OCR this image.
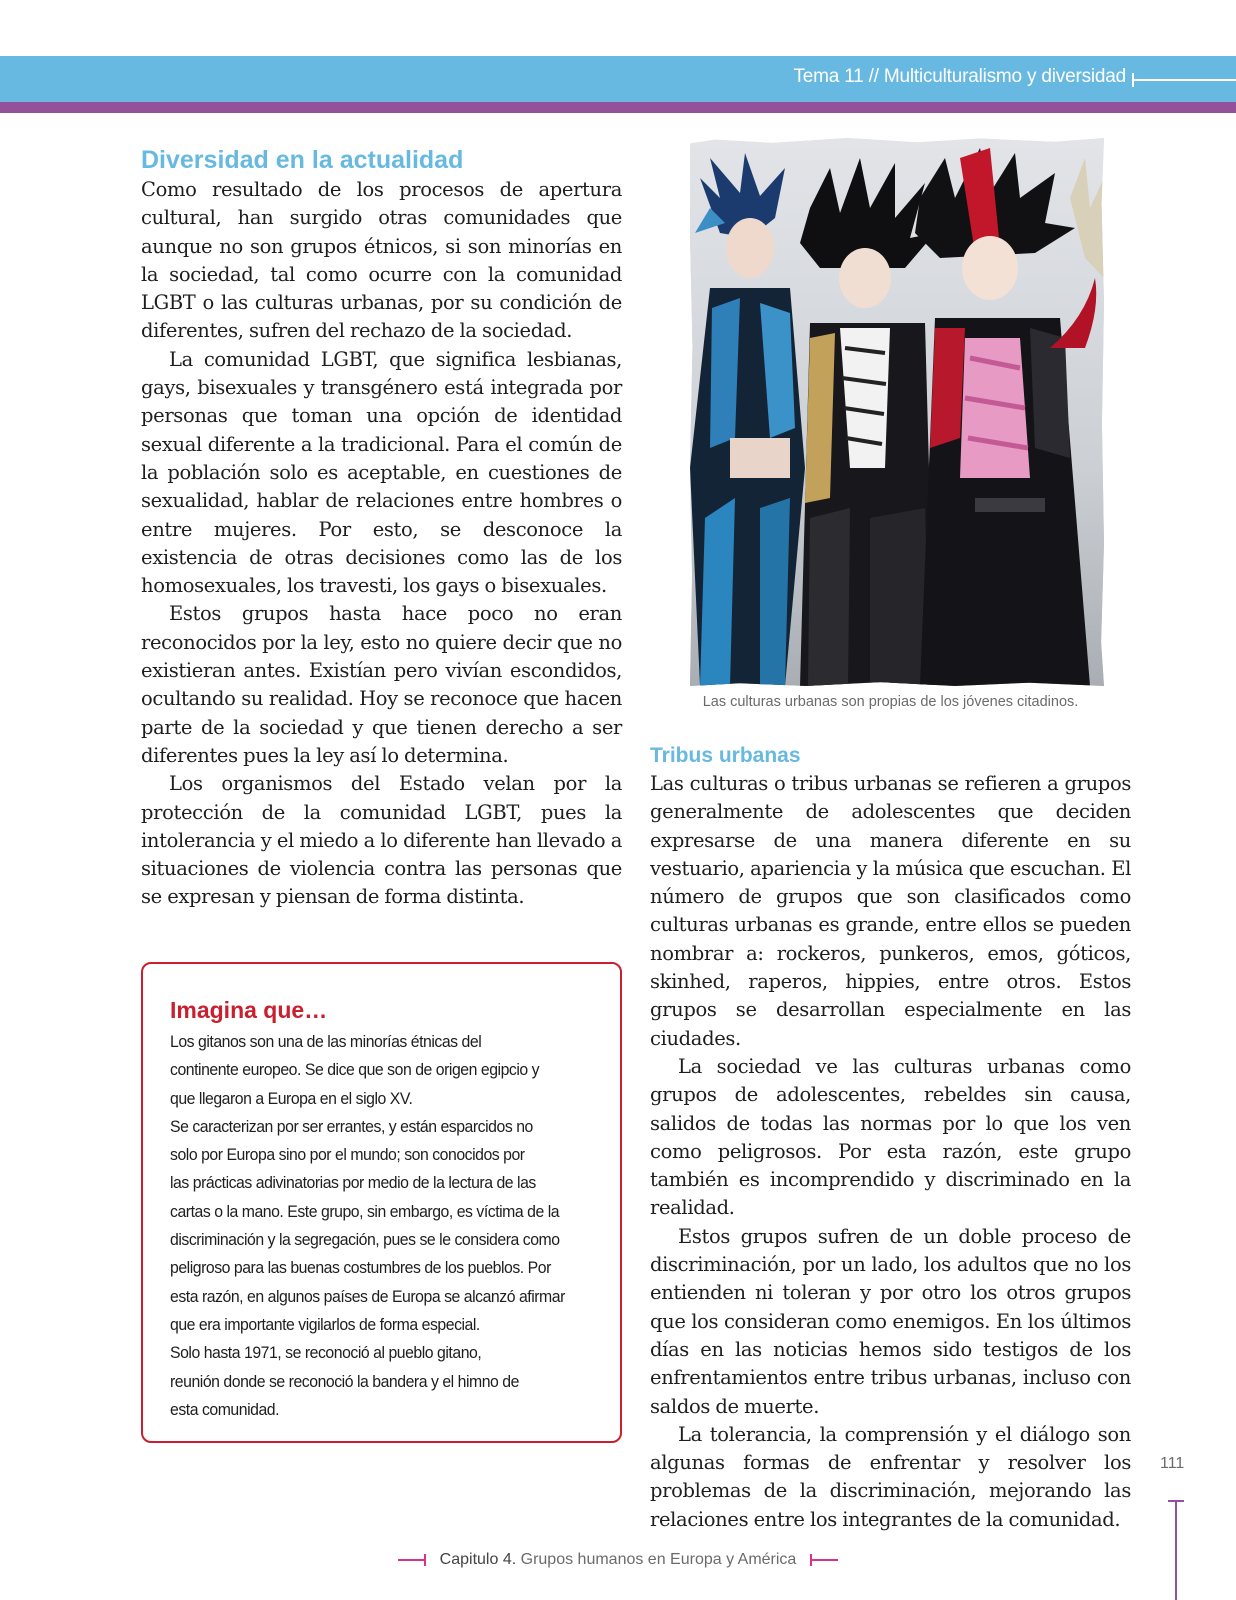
Tema 11 // Multiculturalismo y diversidad
Diversidad en la actualidad

Como resultado de los procesos de apertura cultural, han surgido otras comunidades que aunque no son grupos étnicos, si son minorías en la sociedad, tal como ocurre con la comunidad LGBT o las culturas urbanas, por su condición de diferentes, sufren del rechazo de la sociedad.

La comunidad LGBT, que significa lesbianas, gays, bisexuales y transgénero está integrada por personas que toman una opción de identidad sexual diferente a la tradicional. Para el común de la población solo es aceptable, en cuestiones de sexualidad, hablar de relaciones entre hombres o entre mujeres. Por esto, se desconoce la existencia de otras decisiones como las de los homosexuales, los travesti, los gays o bisexuales.

Estos grupos hasta hace poco no eran reconocidos por la ley, esto no quiere decir que no existieran antes. Existían pero vivían escondidos, ocultando su realidad. Hoy se reconoce que hacen parte de la sociedad y que tienen derecho a ser diferentes pues la ley así lo determina.

Los organismos del Estado velan por la protección de la comunidad LGBT, pues la intolerancia y el miedo a lo diferente han llevado a situaciones de violencia contra las personas que se expresan y piensan de forma distinta.

Imagina que…
Los gitanos son una de las minorías étnicas del
continente europeo. Se dice que son de origen egipcio y
que llegaron a Europa en el siglo XV.
Se caracterizan por ser errantes, y están esparcidos no
solo por Europa sino por el mundo; son conocidos por
las prácticas adivinatorias por medio de la lectura de las
cartas o la mano. Este grupo, sin embargo, es víctima de la
discriminación y la segregación, pues se le considera como
peligroso para las buenas costumbres de los pueblos. Por
esta razón, en algunos países de Europa se alcanzó afirmar
que era importante vigilarlos de forma especial.
Solo hasta 1971, se reconoció al pueblo gitano,
reunión donde se reconoció la bandera y el himno de
esta comunidad.
Las culturas urbanas son propias de los jóvenes citadinos.
Tribus urbanas

Las culturas o tribus urbanas se refieren a grupos generalmente de adolescentes que deciden expresarse de una manera diferente en su vestuario, apariencia y la música que escuchan. El número de grupos que son clasificados como culturas urbanas es grande, entre ellos se pueden nombrar a: rockeros, punkeros, emos, góticos, skinhed, raperos, hippies, entre otros. Estos grupos se desarrollan especialmente en las ciudades.

La sociedad ve las culturas urbanas como grupos de adolescentes, rebeldes sin causa, salidos de todas las normas por lo que los ven como peligrosos. Por esta razón, este grupo también es incomprendido y discriminado en la realidad.

Estos grupos sufren de un doble proceso de discriminación, por un lado, los adultos que no los entienden ni toleran y por otro los otros grupos que los consideran como enemigos. En los últimos días en las noticias hemos sido testigos de los enfrentamientos entre tribus urbanas, incluso con saldos de muerte.

La tolerancia, la comprensión y el diálogo son algunas formas de enfrentar y resolver los problemas de la discriminación, mejorando las relaciones entre los integrantes de la comunidad.

111
Capitulo 4. Grupos humanos en Europa y América
